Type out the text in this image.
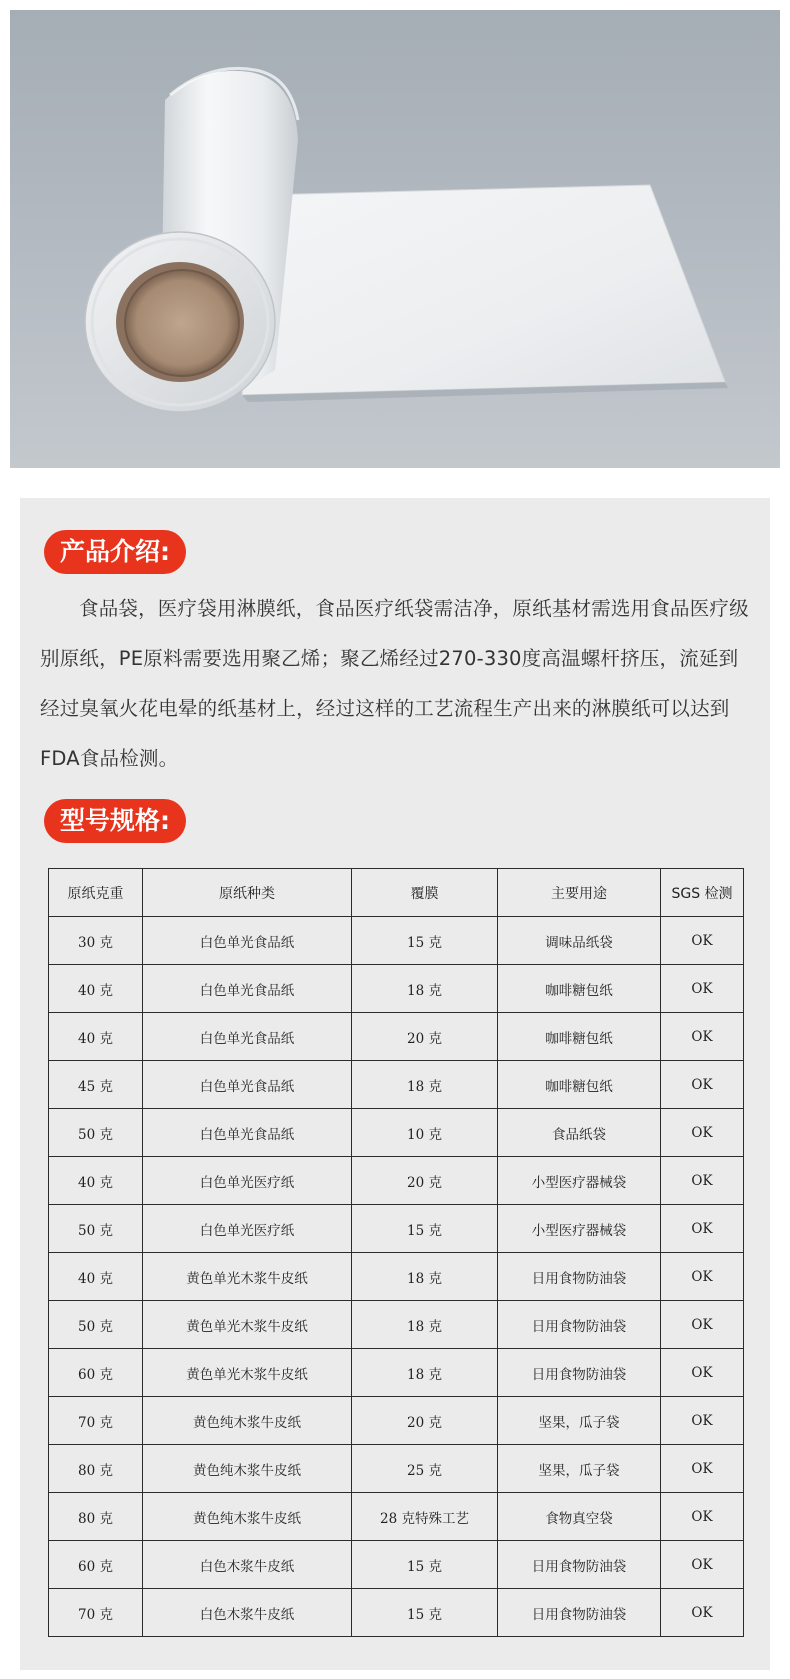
产品介绍:

食品袋，医疗袋用淋膜纸，食品医疗纸袋需洁净，原纸基材需选用食品医疗级别原纸，PE原料需要选用聚乙烯；聚乙烯经过270-330度高温螺杆挤压，流延到经过臭氧火花电晕的纸基材上，经过这样的工艺流程生产出来的淋膜纸可以达到FDA食品检测。

型号规格:
原纸克重	原纸种类	覆膜	主要用途	SGS 检测
30 克	白色单光食品纸	15 克	调味品纸袋	OK
40 克	白色单光食品纸	18 克	咖啡糖包纸	OK
40 克	白色单光食品纸	20 克	咖啡糖包纸	OK
45 克	白色单光食品纸	18 克	咖啡糖包纸	OK
50 克	白色单光食品纸	10 克	食品纸袋	OK
40 克	白色单光医疗纸	20 克	小型医疗器械袋	OK
50 克	白色单光医疗纸	15 克	小型医疗器械袋	OK
40 克	黄色单光木浆牛皮纸	18 克	日用食物防油袋	OK
50 克	黄色单光木浆牛皮纸	18 克	日用食物防油袋	OK
60 克	黄色单光木浆牛皮纸	18 克	日用食物防油袋	OK
70 克	黄色纯木浆牛皮纸	20 克	坚果，瓜子袋	OK
80 克	黄色纯木浆牛皮纸	25 克	坚果，瓜子袋	OK
80 克	黄色纯木浆牛皮纸	28 克特殊工艺	食物真空袋	OK
60 克	白色木浆牛皮纸	15 克	日用食物防油袋	OK
70 克	白色木浆牛皮纸	15 克	日用食物防油袋	OK
